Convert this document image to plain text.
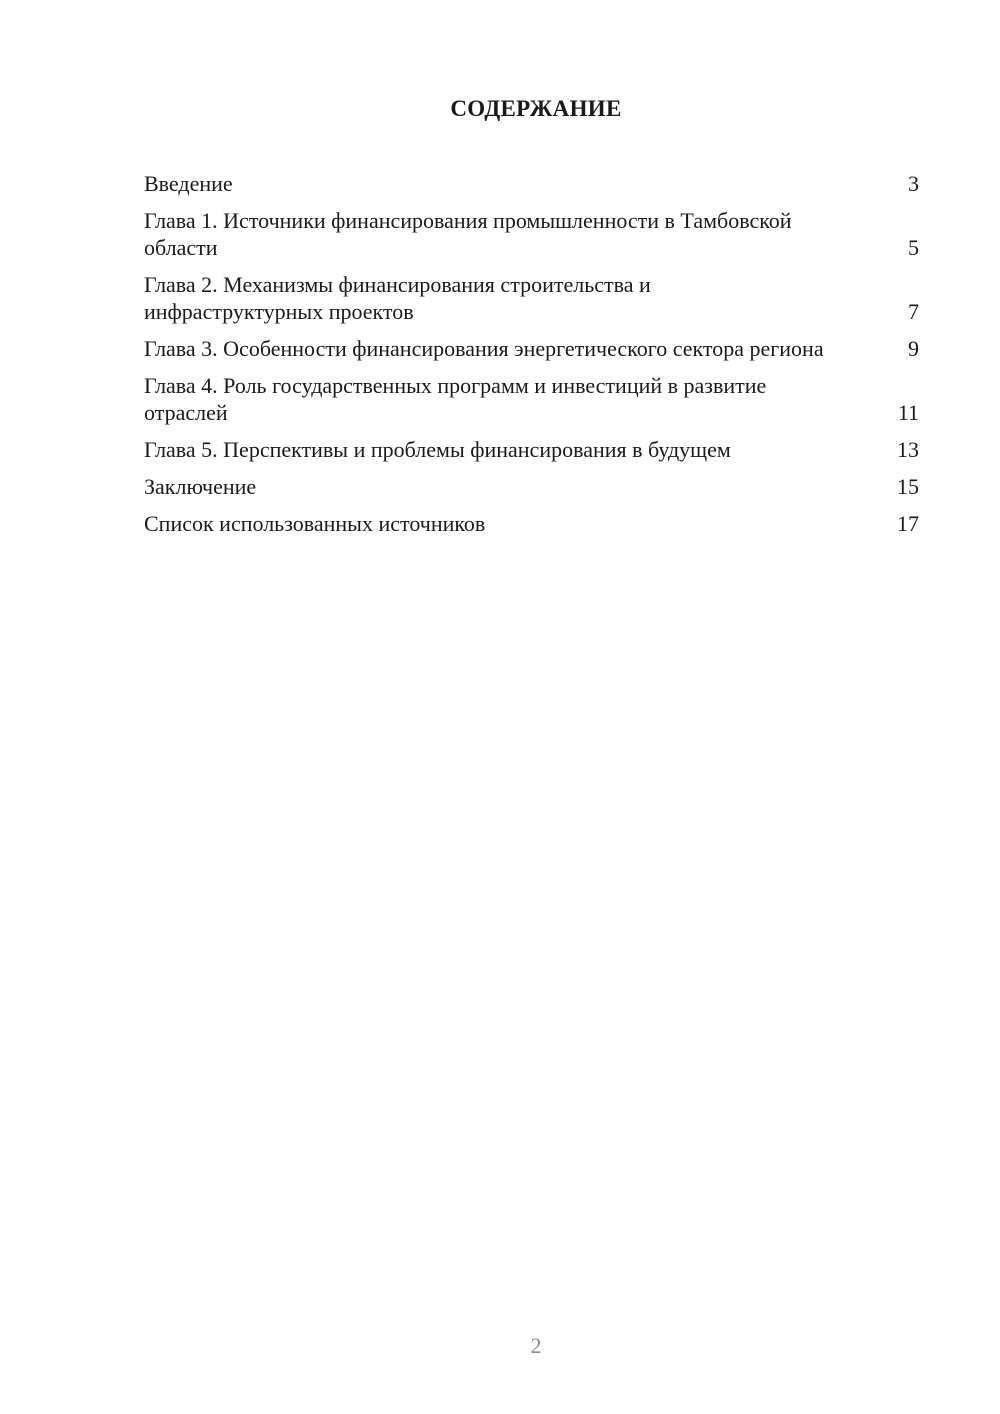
СОДЕРЖАНИЕ
Введение	3
Глава 1. Источники финансирования промышленности в Тамбовской области	5
Глава 2. Механизмы финансирования строительства и инфраструктурных проектов	7
Глава 3. Особенности финансирования энергетического сектора региона	9
Глава 4. Роль государственных программ и инвестиций в развитие отраслей	11
Глава 5. Перспективы и проблемы финансирования в будущем	13
Заключение	15
Список использованных источников	17
2
